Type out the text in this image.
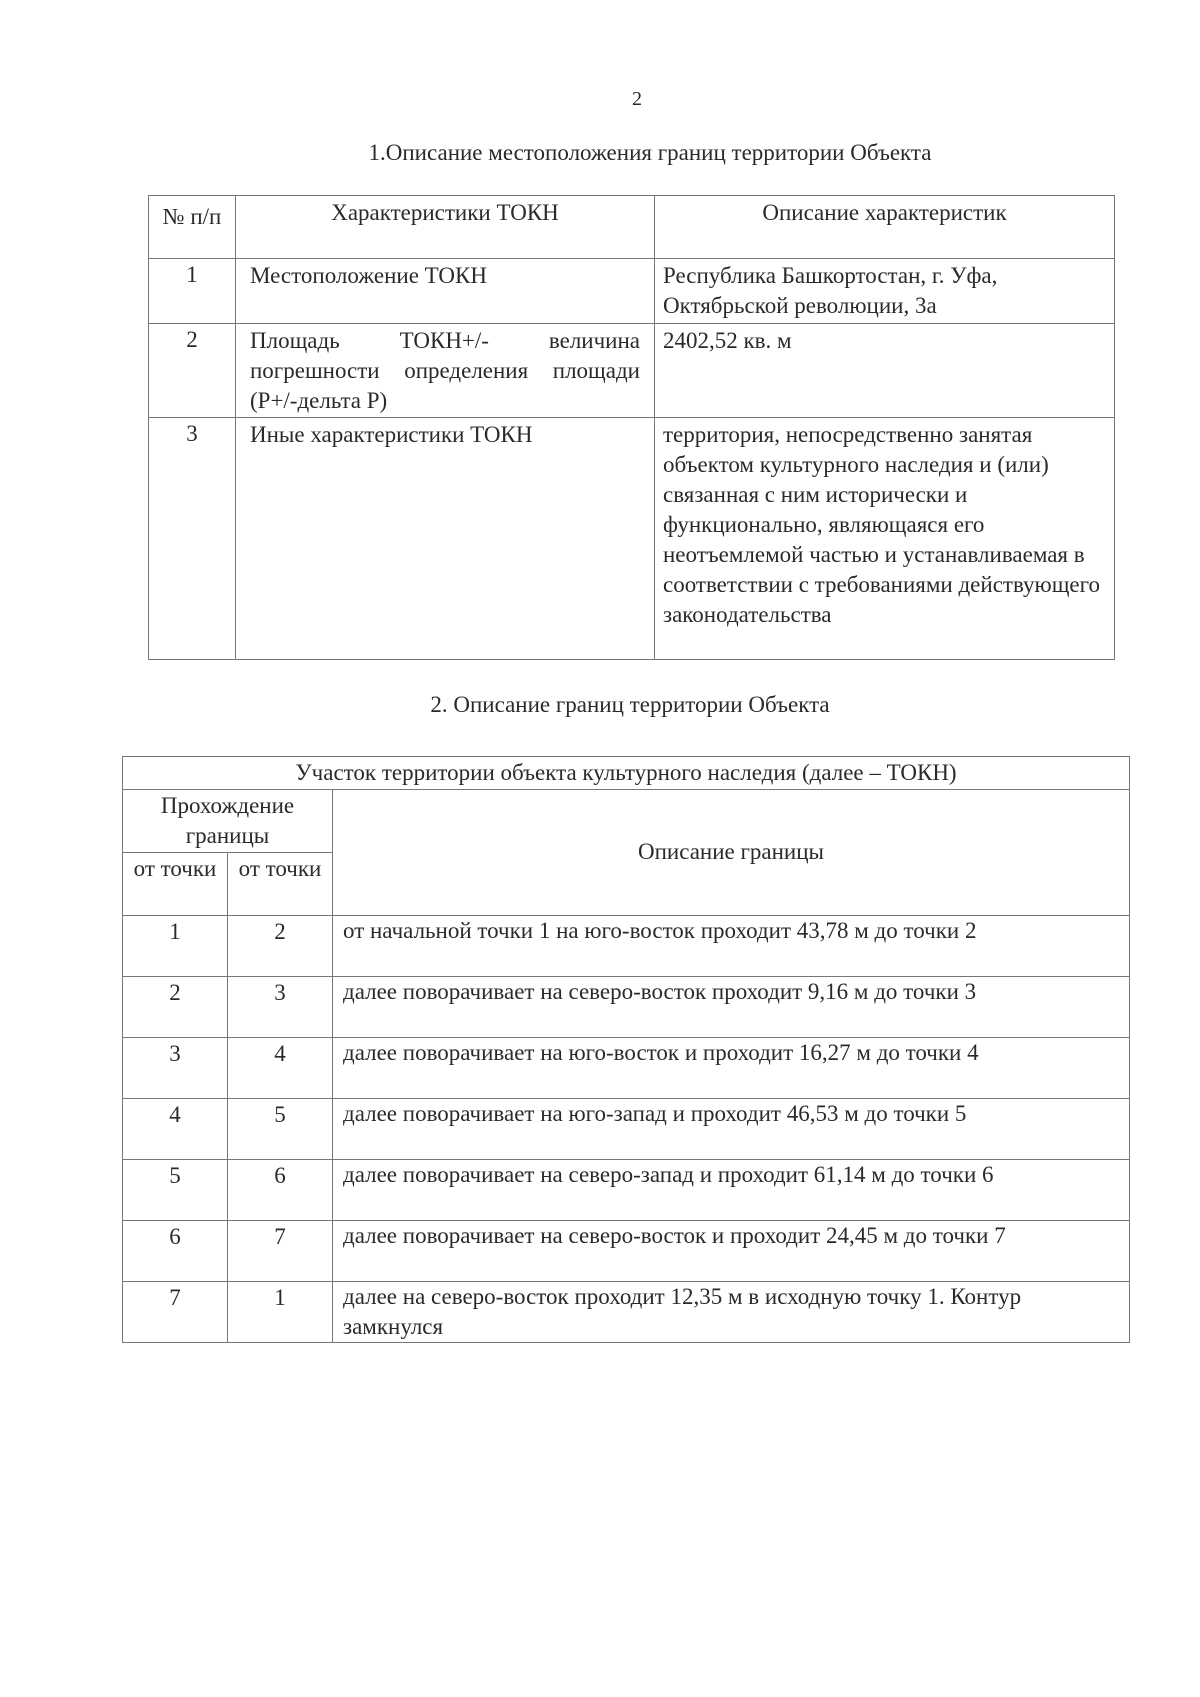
2
1.Описание местоположения границ территории Объекта
№ п/п	Характеристики ТОКН	Описание характеристик
1	Местоположение ТОКН	Республика Башкортостан, г. Уфа, Октябрьской революции, 3а
2	Площадь ТОКН+/- величина погрешности определения площади (Р+/-дельта Р)	2402,52 кв. м
3	Иные характеристики ТОКН	территория, непосредственно занятая объектом культурного наследия и (или) связанная с ним исторически и функционально, являющаяся его неотъемлемой частью и устанавливаемая в соответствии с требованиями действующего законодательства
2. Описание границ территории Объекта
Участок территории объекта культурного наследия (далее – ТОКН)		
Прохождение границы		Описание границы
от точки	от точки	
1	2	от начальной точки 1 на юго-восток проходит 43,78 м до точки 2
2	3	далее поворачивает на северо-восток проходит 9,16 м до точки 3
3	4	далее поворачивает на юго-восток и проходит 16,27 м до точки 4
4	5	далее поворачивает на юго-запад и проходит 46,53 м до точки 5
5	6	далее поворачивает на северо-запад и проходит 61,14 м до точки 6
6	7	далее поворачивает на северо-восток и проходит 24,45 м до точки 7
7	1	далее на северо-восток проходит 12,35 м в исходную точку 1. Контур замкнулся
